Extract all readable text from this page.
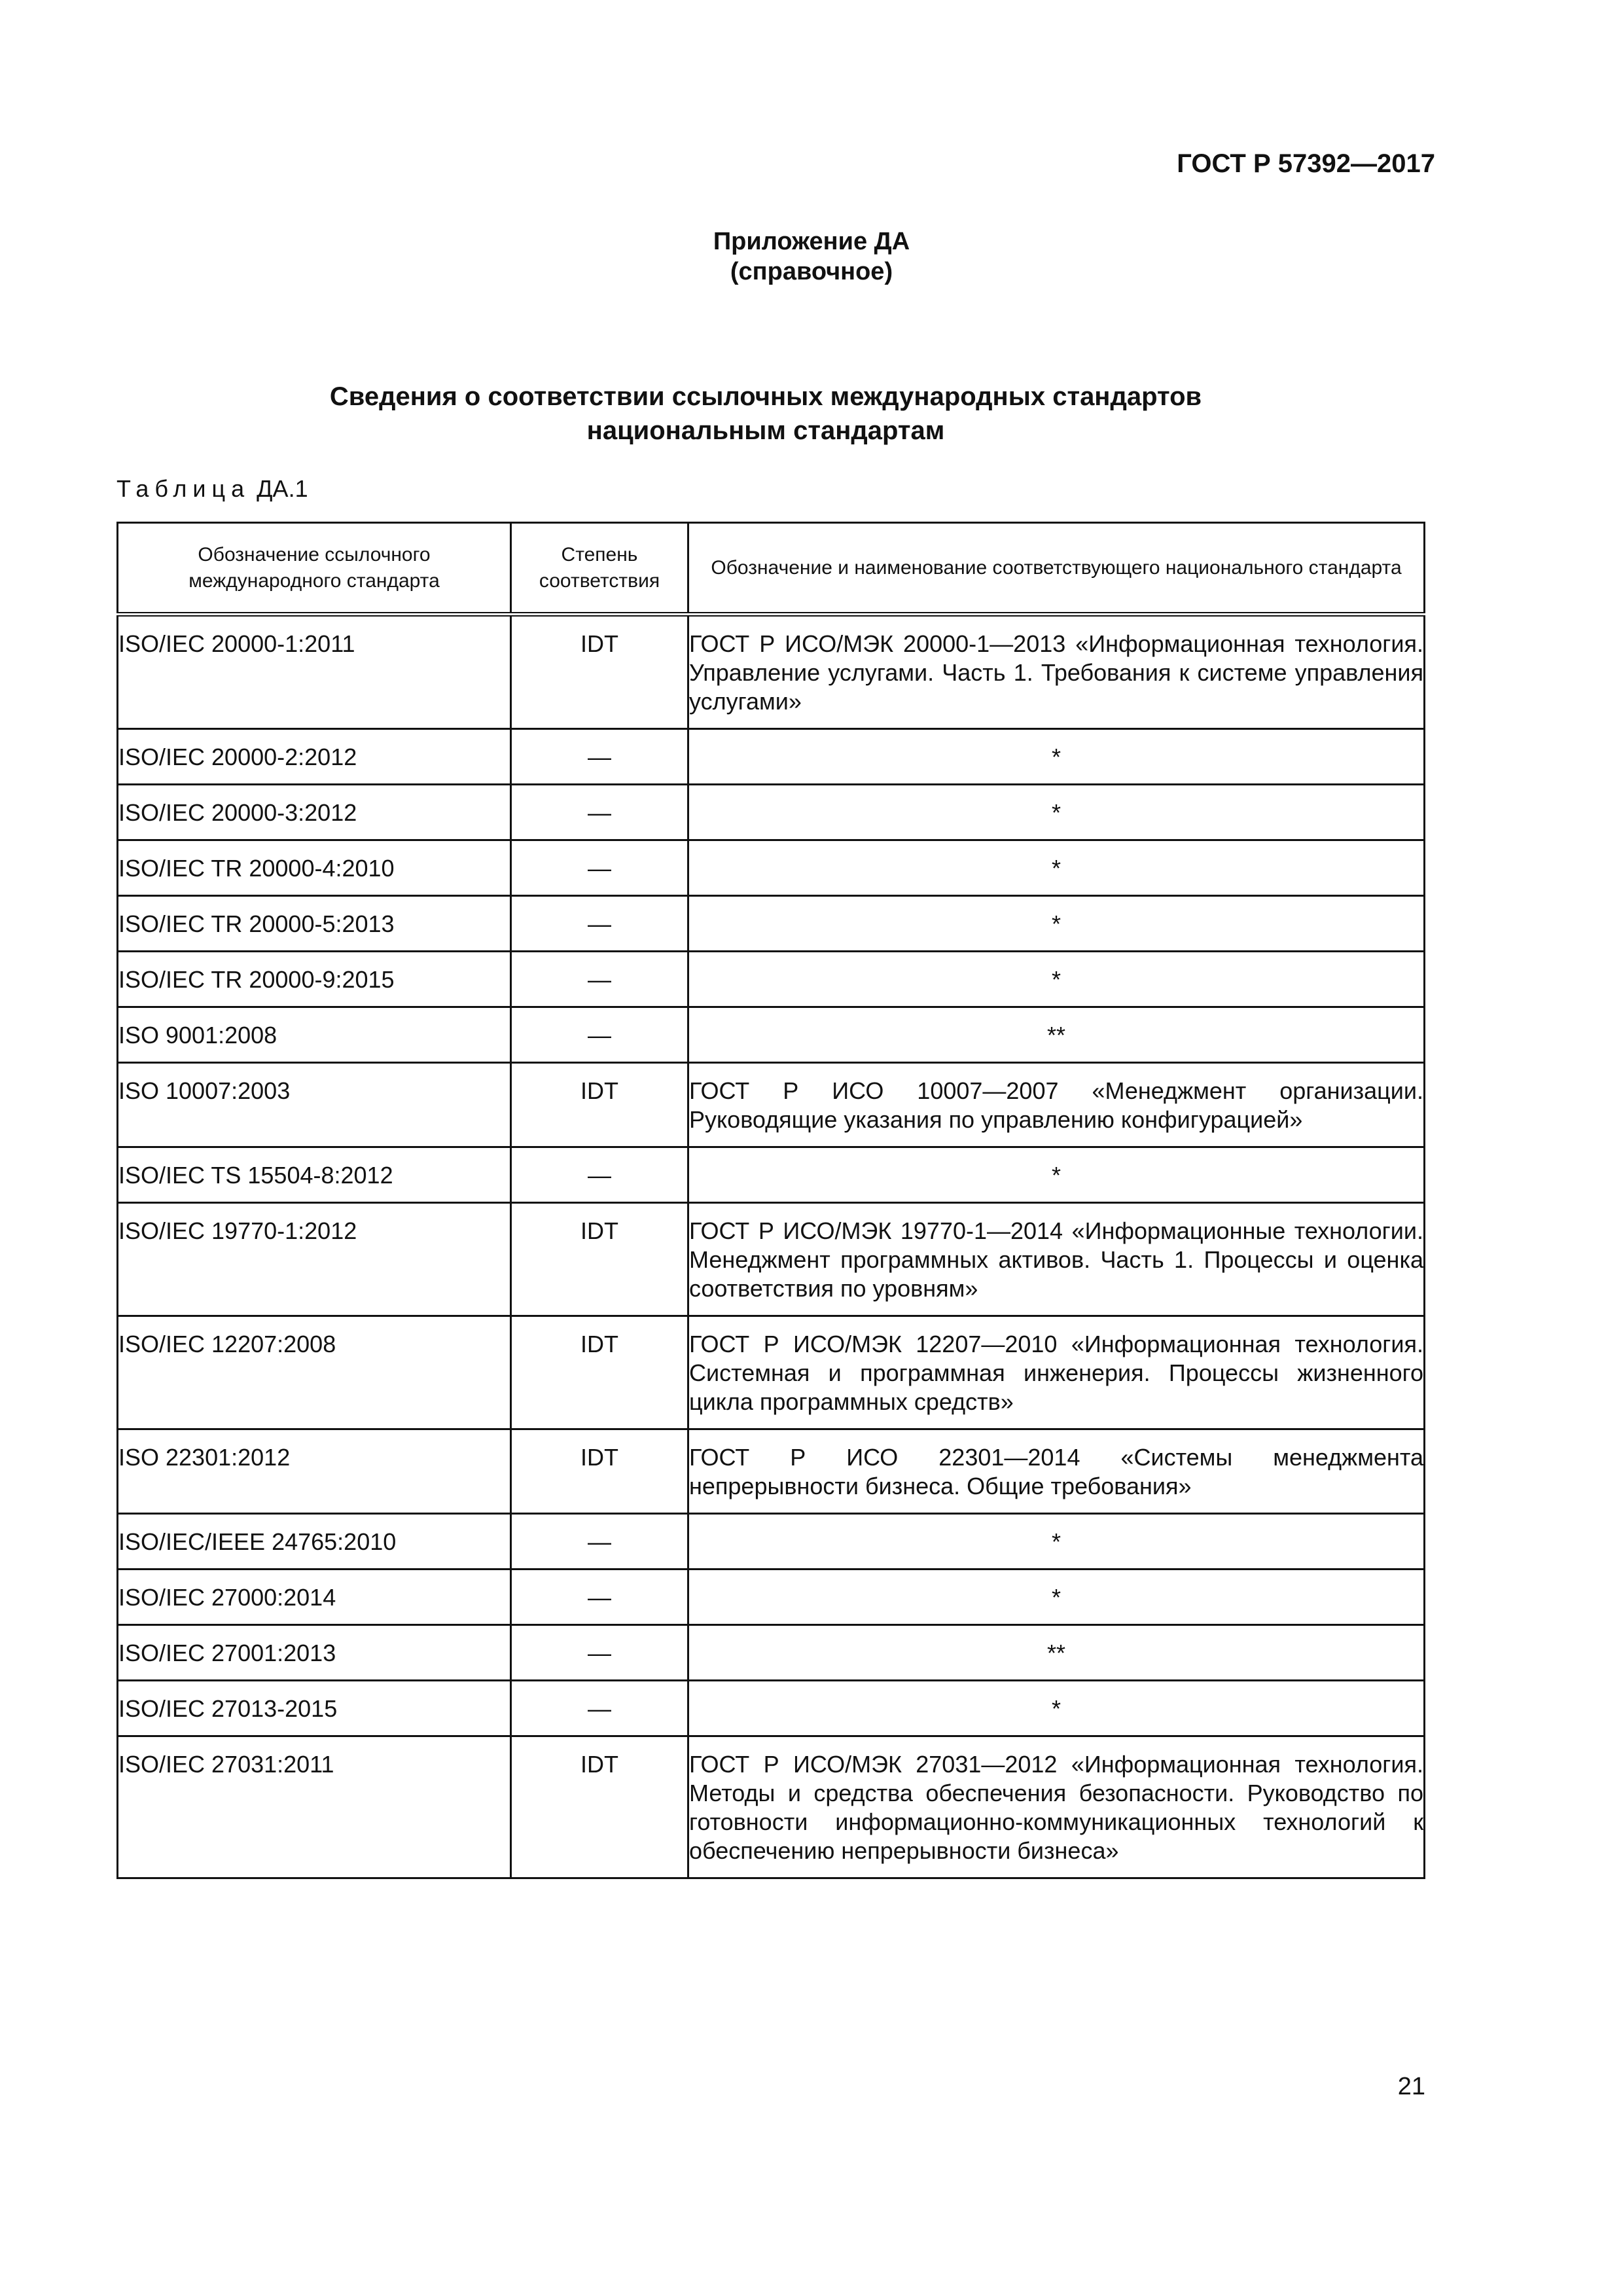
ГОСТ Р 57392—2017
Приложение ДА
(справочное)
Сведения о соответствии ссылочных международных стандартов
национальным стандартам
Таблица ДА.1
Обозначение ссылочного международного стандарта	Степень соответствия	Обозначение и наименование соответствующего национального стандарта
ISO/IEC 20000-1:2011	IDT	ГОСТ Р ИСО/МЭК 20000-1—2013 «Информационная технология. Управление услугами. Часть 1. Требования к системе управления услугами»
ISO/IEC 20000-2:2012	—	*
ISO/IEC 20000-3:2012	—	*
ISO/IEC TR 20000-4:2010	—	*
ISO/IEC TR 20000-5:2013	—	*
ISO/IEC TR 20000-9:2015	—	*
ISO 9001:2008	—	**
ISO 10007:2003	IDT	ГОСТ Р ИСО 10007—2007 «Менеджмент организации. Руководящие указания по управлению конфигурацией»
ISO/IEC TS 15504-8:2012	—	*
ISO/IEC 19770-1:2012	IDT	ГОСТ Р ИСО/МЭК 19770-1—2014 «Информационные технологии. Менеджмент программных активов. Часть 1. Процессы и оценка соответствия по уровням»
ISO/IEC 12207:2008	IDT	ГОСТ Р ИСО/МЭК 12207—2010 «Информационная технология. Системная и программная инженерия. Процессы жизненного цикла программных средств»
ISO 22301:2012	IDT	ГОСТ Р ИСО 22301—2014 «Системы менеджмента непрерывности бизнеса. Общие требования»
ISO/IEC/IEEE 24765:2010	—	*
ISO/IEC 27000:2014	—	*
ISO/IEC 27001:2013	—	**
ISO/IEC 27013-2015	—	*
ISO/IEC 27031:2011	IDT	ГОСТ Р ИСО/МЭК 27031—2012 «Информационная технология. Методы и средства обеспечения безопасности. Руководство по готовности информационно-коммуникационных технологий к обеспечению непрерывности бизнеса»
21
